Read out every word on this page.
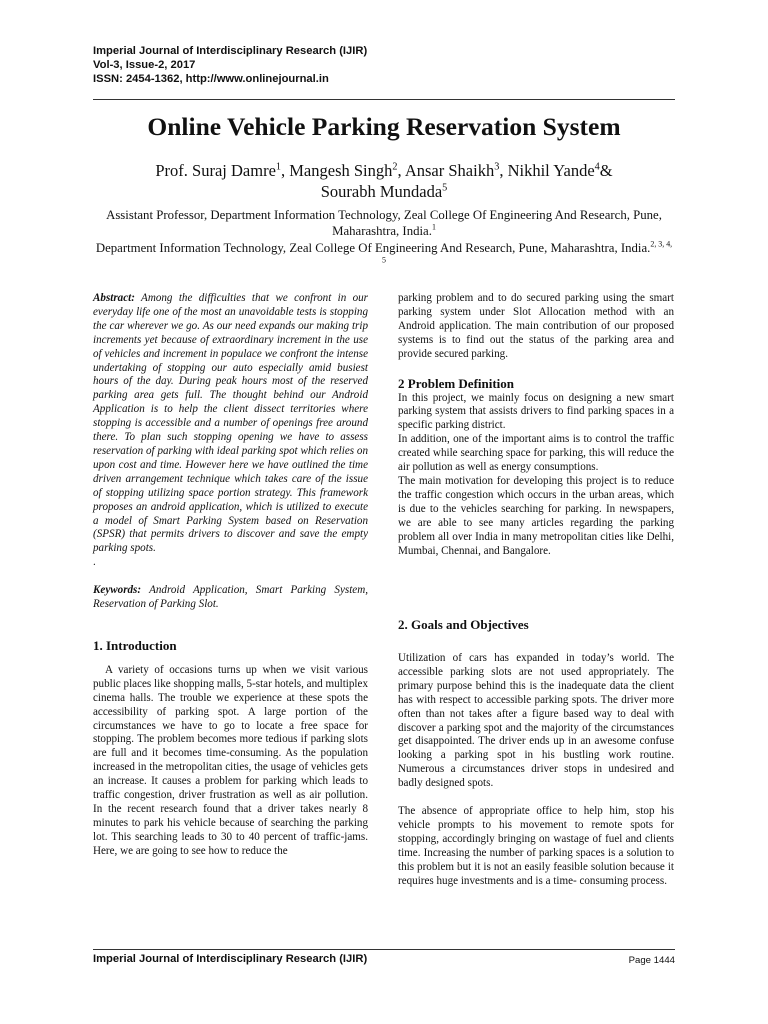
Imperial Journal of Interdisciplinary Research (IJIR)
Vol-3, Issue-2, 2017
ISSN: 2454-1362, http://www.onlinejournal.in
Online Vehicle Parking Reservation System
Prof. Suraj Damre$^1$, Mangesh Singh$^2$, Ansar Shaikh$^3$, Nikhil Yande$^4$&
Sourabh Mundada$^5$
Assistant Professor, Department Information Technology, Zeal College Of Engineering And Research, Pune, Maharashtra, India.$^1$
Department Information Technology, Zeal College Of Engineering And Research, Pune, Maharashtra, India.$^{2, 3, 4, 5}$

Abstract: Among the difficulties that we confront in our everyday life one of the most an unavoidable tests is stopping the car wherever we go. As our need expands our making trip increments yet because of extraordinary increment in the use of vehicles and increment in populace we confront the intense undertaking of stopping our auto especially amid busiest hours of the day. During peak hours most of the reserved parking area gets full. The thought behind our Android Application is to help the client dissect territories where stopping is accessible and a number of openings free around there. To plan such stopping opening we have to assess reservation of parking with ideal parking spot which relies on upon cost and time. However here we have outlined the time driven arrangement technique which takes care of the issue of stopping utilizing space portion strategy. This framework proposes an android application, which is utilized to execute a model of Smart Parking System based on Reservation (SPSR) that permits drivers to discover and save the empty parking spots.

.

Keywords: Android Application, Smart Parking System, Reservation of Parking Slot.

1. Introduction

A variety of occasions turns up when we visit various public places like shopping malls, 5-star hotels, and multiplex cinema halls. The trouble we experience at these spots the accessibility of parking spot. A large portion of the circumstances we have to go to locate a free space for stopping. The problem becomes more tedious if parking slots are full and it becomes time-consuming. As the population increased in the metropolitan cities, the usage of vehicles gets an increase. It causes a problem for parking which leads to traffic congestion, driver frustration as well as air pollution. In the recent research found that a driver takes nearly 8 minutes to park his vehicle because of searching the parking lot. This searching leads to 30 to 40 percent of traffic-jams. Here, we are going to see how to reduce the

parking problem and to do secured parking using the smart parking system under Slot Allocation method with an Android application. The main contribution of our proposed systems is to find out the status of the parking area and provide secured parking.

2 Problem Definition

In this project, we mainly focus on designing a new smart parking system that assists drivers to find parking spaces in a specific parking district.

In addition, one of the important aims is to control the traffic created while searching space for parking, this will reduce the air pollution as well as energy consumptions.

The main motivation for developing this project is to reduce the traffic congestion which occurs in the urban areas, which is due to the vehicles searching for parking. In newspapers, we are able to see many articles regarding the parking problem all over India in many metropolitan cities like Delhi, Mumbai, Chennai, and Bangalore.

2. Goals and Objectives

Utilization of cars has expanded in today’s world. The accessible parking slots are not used appropriately. The primary purpose behind this is the inadequate data the client has with respect to accessible parking spots. The driver more often than not takes after a figure based way to deal with discover a parking spot and the majority of the circumstances get disappointed. The driver ends up in an awesome confuse looking a parking spot in his bustling work routine. Numerous a circumstances driver stops in undesired and badly designed spots.

The absence of appropriate office to help him, stop his vehicle prompts to his movement to remote spots for stopping, accordingly bringing on wastage of fuel and clients time. Increasing the number of parking spaces is a solution to this problem but it is not an easily feasible solution because it requires huge investments and is a time- consuming process.

Imperial Journal of Interdisciplinary Research (IJIR)	Page 1444
